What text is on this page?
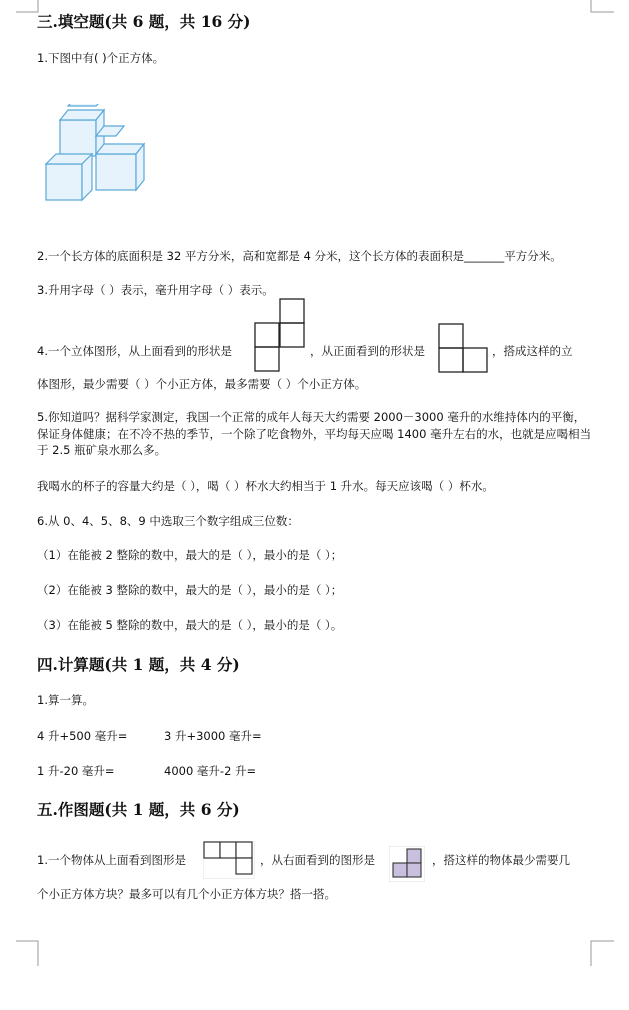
三.填空题(共 6 题，共 16 分)
1.下图中有( )个正方体。
2.一个长方体的底面积是 32 平方分米，高和宽都是 4 分米，这个长方体的表面积是_______平方分米。
3.升用字母（ ）表示，毫升用字母（ ）表示。
4.一个立体图形，从上面看到的形状是	，从正面看到的形状是	，搭成这样的立
体图形，最少需要（ ）个小正方体，最多需要（ ）个小正方体。
5.你知道吗？据科学家测定，我国一个正常的成年人每天大约需要 2000－3000 毫升的水维持体内的平衡，保证身体健康；在不冷不热的季节，一个除了吃食物外，平均每天应喝 1400 毫升左右的水，也就是应喝相当于 2.5 瓶矿泉水那么多。
我喝水的杯子的容量大约是（ ），喝（ ）杯水大约相当于 1 升水。每天应该喝（ ）杯水。
6.从 0、4、5、8、9 中选取三个数字组成三位数：
（1）在能被 2 整除的数中，最大的是（ ），最小的是（ ）；
（2）在能被 3 整除的数中，最大的是（ ），最小的是（ ）；
（3）在能被 5 整除的数中，最大的是（ ），最小的是（ ）。
四.计算题(共 1 题，共 4 分)
1.算一算。
4 升+500 毫升=	3 升+3000 毫升=
1 升-20 毫升=	4000 毫升-2 升=
五.作图题(共 1 题，共 6 分)
1.一个物体从上面看到图形是	，从右面看到的图形是	，搭这样的物体最少需要几
个小正方体方块？最多可以有几个小正方体方块？搭一搭。
